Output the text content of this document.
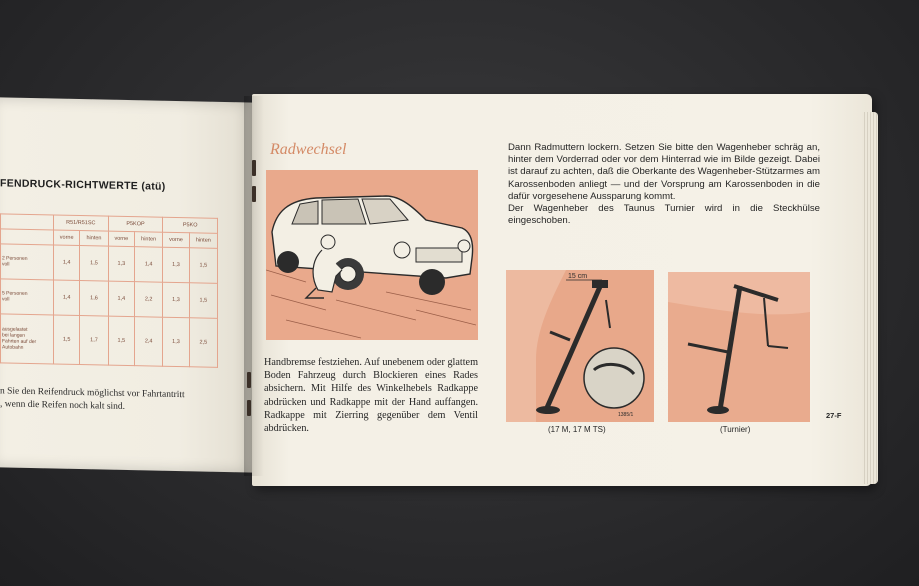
FENDRUCK-RICHTWERTE (atü)
	R51/R51SC		P5KOP		P5KO	
	vorne	hinten	vorne	hinten	vorne	hinten
2 Personen
voll	1,4	1,5	1,3	1,4	1,3	1,5
5 Personen
voll	1,4	1,6	1,4	2,2	1,3	1,5
ausgelastet
bei langen
Fahrten auf der
Autobahn	1,5	1,7	1,5	2,4	1,3	2,5
n Sie den Reifendruck möglichst vor Fahrtantritt
, wenn die Reifen noch kalt sind.
Radwechsel	Dann Radmuttern lockern. Setzen Sie bitte den Wagenheber schräg an, hinter dem Vorderrad oder vor dem Hinterrad wie im Bilde gezeigt. Dabei ist darauf zu achten, daß die Oberkante des Wagenheber-Stützarmes am Karossenboden anliegt — und der Vorsprung am Karossenboden in die dafür vorgesehene Aussparung kommt.
Der Wagenheber des Taunus Turnier wird in die Steckhülse eingeschoben.
Handbremse festziehen. Auf unebenem oder glattem Boden Fahrzeug durch Blockieren eines Rades absichern. Mit Hilfe des Winkelhebels Radkappe abdrücken und Radkappe mit der Hand auffangen. Radkappe mit Zierring gegenüber dem Ventil abdrücken.
15 cm
1385/1
(17 M, 17 M TS)	(Turnier)
27-F
